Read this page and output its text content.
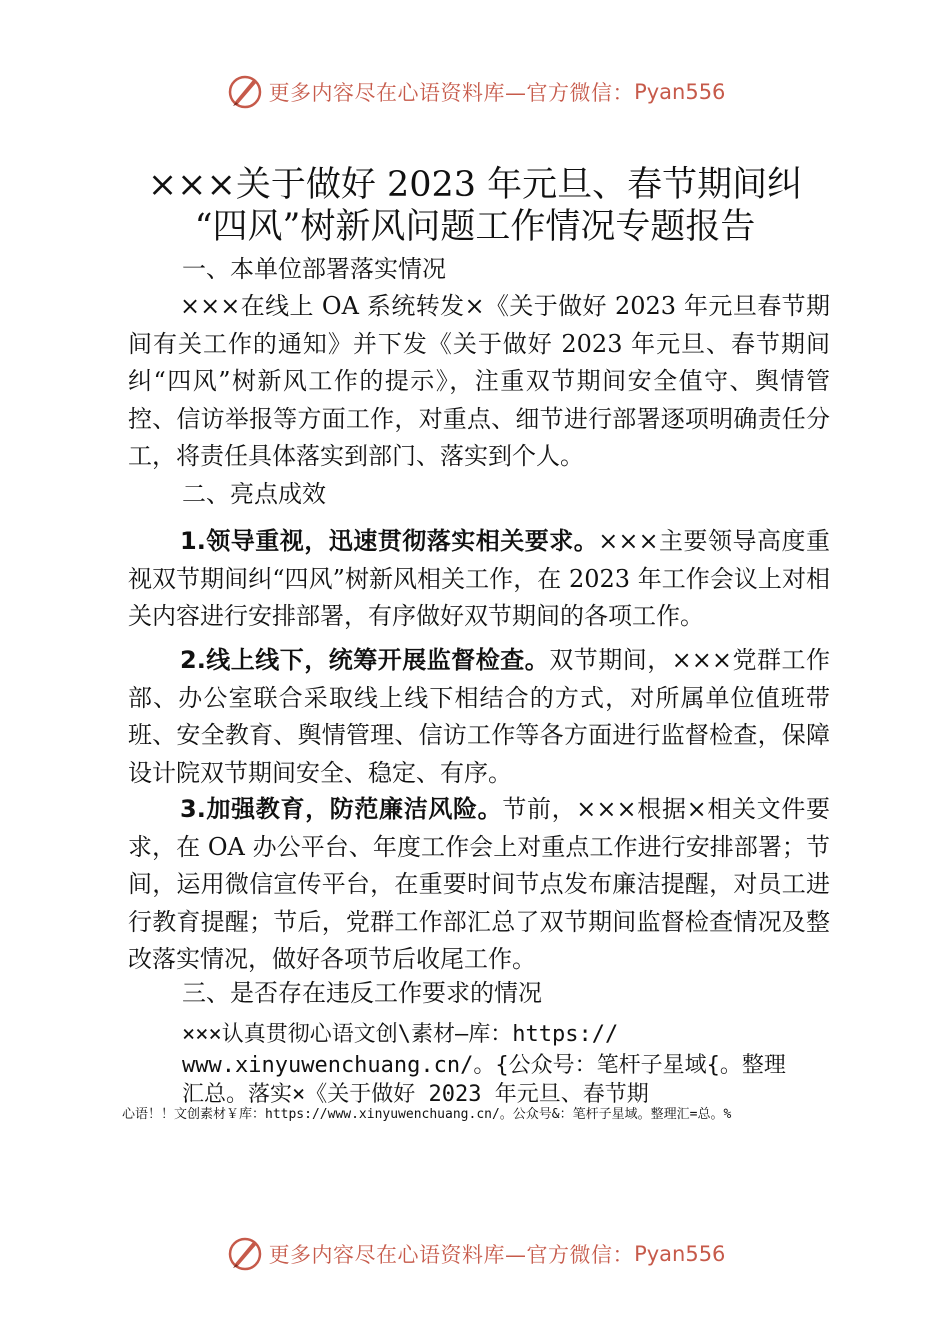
更多内容尽在心语资料库—官方微信： Pyan556
×××关于做好 2023 年元旦、春节期间纠
“四风”树新风问题工作情况专题报告
一、本单位部署落实情况

×××在线上 OA 系统转发×《关于做好 2023 年元旦春节期间有关工作的通知》并下发《关于做好 2023 年元旦、春节期间纠“四风”树新风工作的提示》，注重双节期间安全值守、舆情管控、信访举报等方面工作，对重点、细节进行部署逐项明确责任分工，将责任具体落实到部门、落实到个人。

二、亮点成效

1.领导重视，迅速贯彻落实相关要求。×××主要领导高度重视双节期间纠“四风”树新风相关工作，在 2023 年工作会议上对相关内容进行安排部署，有序做好双节期间的各项工作。

2.线上线下，统筹开展监督检查。双节期间，×××党群工作部、办公室联合采取线上线下相结合的方式，对所属单位值班带班、安全教育、舆情管理、信访工作等各方面进行监督检查，保障设计院双节期间安全、稳定、有序。

3.加强教育，防范廉洁风险。节前，×××根据×相关文件要求，在 OA 办公平台、年度工作会上对重点工作进行安排部署；节间，运用微信宣传平台，在重要时间节点发布廉洁提醒，对员工进行教育提醒；节后，党群工作部汇总了双节期间监督检查情况及整改落实情况，做好各项节后收尾工作。

三、是否存在违反工作要求的情况
×××认真贯彻心语文创\素材—库：https://
www.xinyuwenchuang.cn/。{公众号：笔杆子星域{。整理
汇总。落实×《关于做好 2023 年元旦、春节期

心语！！文创素材￥库：https://www.xinyuwenchuang.cn/。公众号&：笔杆子星域。整理汇=总。%

更多内容尽在心语资料库—官方微信： Pyan556
